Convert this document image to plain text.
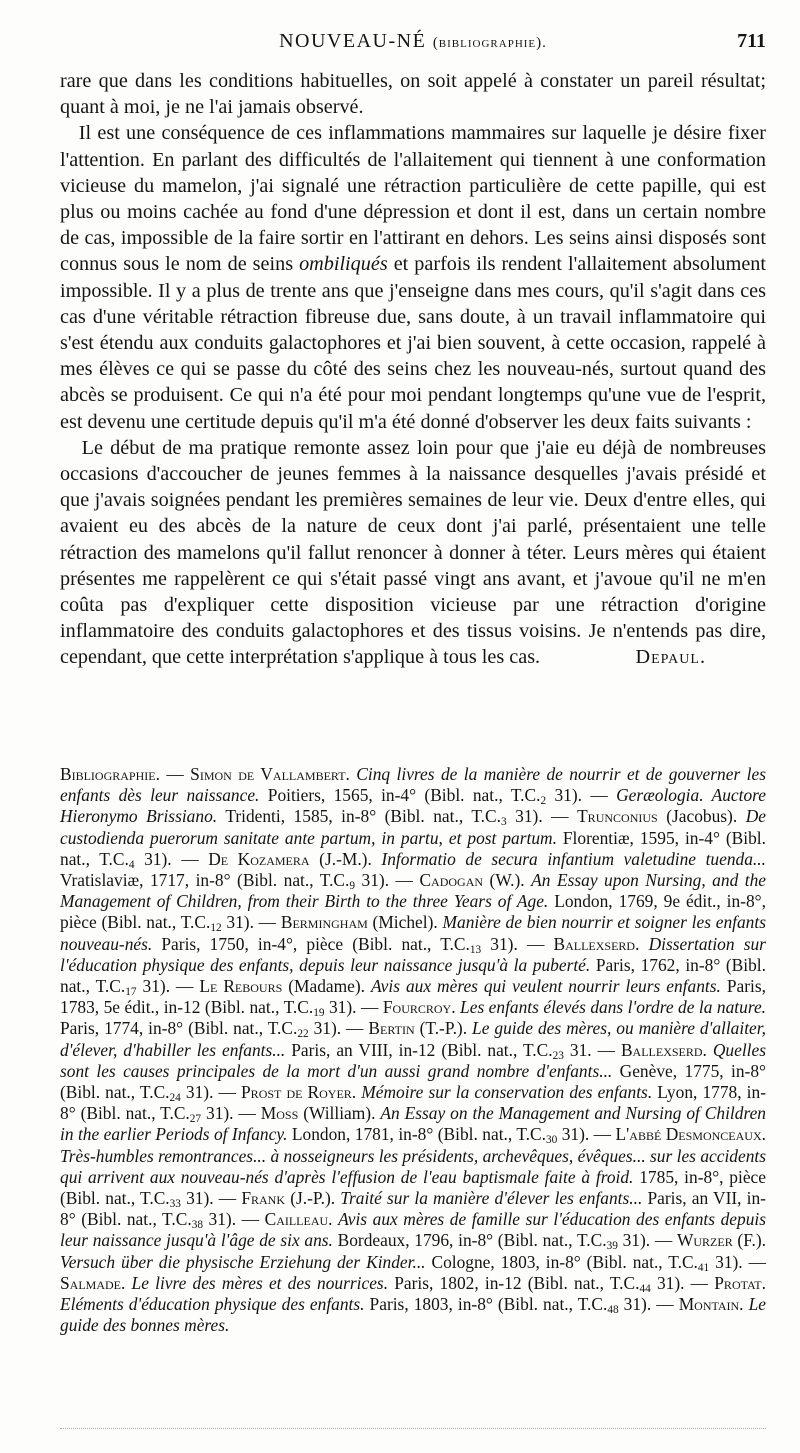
NOUVEAU-NÉ (bibliographie).	711

rare que dans les conditions habituelles, on soit appelé à constater un pareil résultat; quant à moi, je ne l'ai jamais observé.

Il est une conséquence de ces inflammations mammaires sur laquelle je désire fixer l'attention. En parlant des difficultés de l'allaitement qui tiennent à une conformation vicieuse du mamelon, j'ai signalé une rétraction particulière de cette papille, qui est plus ou moins cachée au fond d'une dépression et dont il est, dans un certain nombre de cas, impossible de la faire sortir en l'attirant en dehors. Les seins ainsi disposés sont connus sous le nom de seins ombiliqués et parfois ils rendent l'allaitement absolument impossible. Il y a plus de trente ans que j'enseigne dans mes cours, qu'il s'agit dans ces cas d'une véritable rétraction fibreuse due, sans doute, à un travail inflammatoire qui s'est étendu aux conduits galactophores et j'ai bien souvent, à cette occasion, rappelé à mes élèves ce qui se passe du côté des seins chez les nouveau-nés, surtout quand des abcès se produisent. Ce qui n'a été pour moi pendant longtemps qu'une vue de l'esprit, est devenu une certitude depuis qu'il m'a été donné d'observer les deux faits suivants :

Le début de ma pratique remonte assez loin pour que j'aie eu déjà de nombreuses occasions d'accoucher de jeunes femmes à la naissance desquelles j'avais présidé et que j'avais soignées pendant les premières semaines de leur vie. Deux d'entre elles, qui avaient eu des abcès de la nature de ceux dont j'ai parlé, présentaient une telle rétraction des mamelons qu'il fallut renoncer à donner à téter. Leurs mères qui étaient présentes me rappelèrent ce qui s'était passé vingt ans avant, et j'avoue qu'il ne m'en coûta pas d'expliquer cette disposition vicieuse par une rétraction d'origine inflammatoire des conduits galactophores et des tissus voisins. Je n'entends pas dire, cependant, que cette interprétation s'applique à tous les cas.	Depaul.

Bibliographie. — Simon de Vallambert. Cinq livres de la manière de nourrir et de gouverner les enfants dès leur naissance. Poitiers, 1565, in-4° (Bibl. nat., $T.C._2$ 31). — Geræologia. Auctore Hieronymo Brissiano. Tridenti, 1585, in-8° (Bibl. nat., $T.C._3$ 31). — Trunconius (Jacobus). De custodienda puerorum sanitate ante partum, in partu, et post partum. Florentiæ, 1595, in-4° (Bibl. nat., $T.C._4$ 31). — De Kozamera (J.-M.). Informatio de secura infantium valetudine tuenda... Vratislaviæ, 1717, in-8° (Bibl. nat., $T.C._9$ 31). — Cadogan (W.). An Essay upon Nursing, and the Management of Children, from their Birth to the three Years of Age. London, 1769, 9e édit., in-8°, pièce (Bibl. nat., $T.C._{12}$ 31). — Bermingham (Michel). Manière de bien nourrir et soigner les enfants nouveau-nés. Paris, 1750, in-4°, pièce (Bibl. nat., $T.C._{13}$ 31). — Ballexserd. Dissertation sur l'éducation physique des enfants, depuis leur naissance jusqu'à la puberté. Paris, 1762, in-8° (Bibl. nat., $T.C._{17}$ 31). — Le Rebours (Madame). Avis aux mères qui veulent nourrir leurs enfants. Paris, 1783, 5e édit., in-12 (Bibl. nat., $T.C._{19}$ 31). — Fourcroy. Les enfants élevés dans l'ordre de la nature. Paris, 1774, in-8° (Bibl. nat., $T.C._{22}$ 31). — Bertin (T.-P.). Le guide des mères, ou manière d'allaiter, d'élever, d'habiller les enfants... Paris, an VIII, in-12 (Bibl. nat., $T.C._{23}$ 31. — Ballexserd. Quelles sont les causes principales de la mort d'un aussi grand nombre d'enfants... Genève, 1775, in-8° (Bibl. nat., $T.C._{24}$ 31). — Prost de Royer. Mémoire sur la conservation des enfants. Lyon, 1778, in-8° (Bibl. nat., $T.C._{27}$ 31). — Moss (William). An Essay on the Management and Nursing of Children in the earlier Periods of Infancy. London, 1781, in-8° (Bibl. nat., $T.C._{30}$ 31). — L'abbé Desmonceaux. Très-humbles remontrances... à nosseigneurs les présidents, archevêques, évêques... sur les accidents qui arrivent aux nouveau-nés d'après l'effusion de l'eau baptismale faite à froid. 1785, in-8°, pièce (Bibl. nat., $T.C._{33}$ 31). — Frank (J.-P.). Traité sur la manière d'élever les enfants... Paris, an VII, in-8° (Bibl. nat., $T.C._{38}$ 31). — Cailleau. Avis aux mères de famille sur l'éducation des enfants depuis leur naissance jusqu'à l'âge de six ans. Bordeaux, 1796, in-8° (Bibl. nat., $T.C._{39}$ 31). — Wurzer (F.). Versuch über die physische Erziehung der Kinder... Cologne, 1803, in-8° (Bibl. nat., $T.C._{41}$ 31). — Salmade. Le livre des mères et des nourrices. Paris, 1802, in-12 (Bibl. nat., $T.C._{44}$ 31). — Protat. Eléments d'éducation physique des enfants. Paris, 1803, in-8° (Bibl. nat., $T.C._{48}$ 31). — Montain. Le guide des bonnes mères.
